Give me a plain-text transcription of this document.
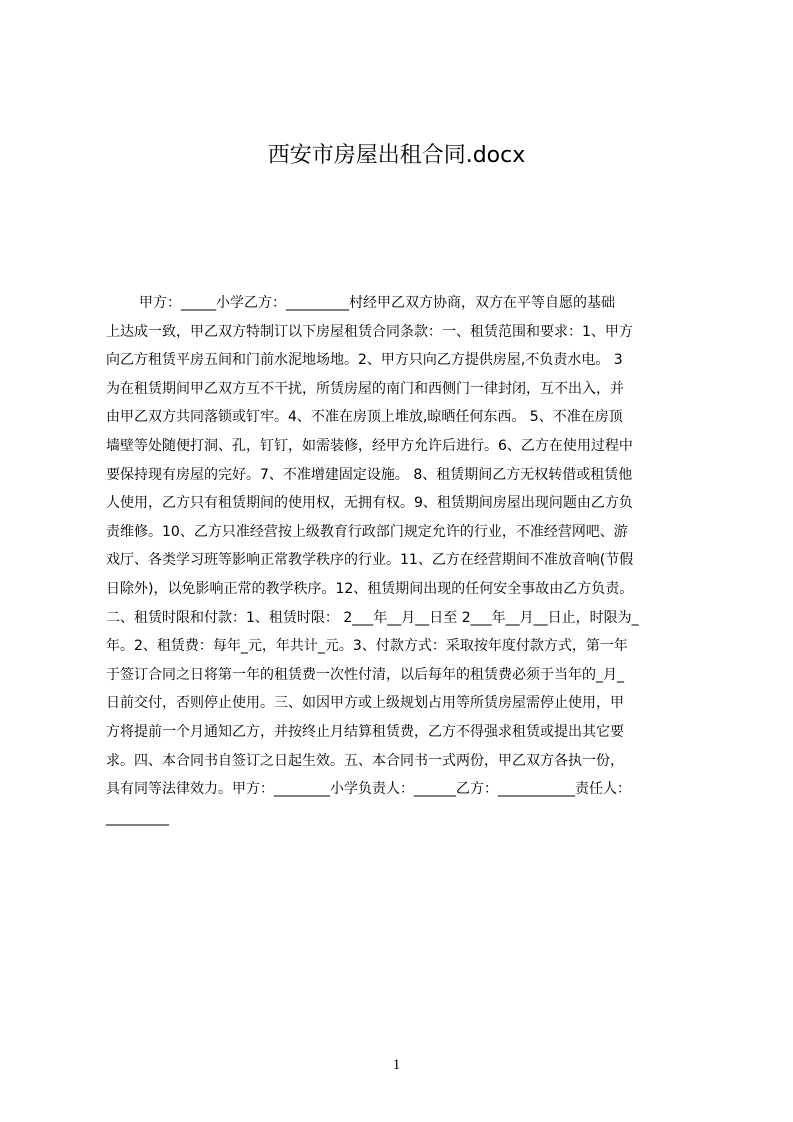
西安市房屋出租合同.docx
甲方：_____小学乙方：_________村经甲乙双方协商，双方在平等自愿的基础
上达成一致，甲乙双方特制订以下房屋租赁合同条款：一、租赁范围和要求：1、甲方
向乙方租赁平房五间和门前水泥地场地。2、甲方只向乙方提供房屋,不负责水电。 3
为在租赁期间甲乙双方互不干扰，所赁房屋的南门和西侧门一律封闭，互不出入，并
由甲乙双方共同落锁或钉牢。4、不准在房顶上堆放,晾晒任何东西。 5、不准在房顶
墙壁等处随便打洞、孔，钉钉，如需装修，经甲方允许后进行。6、乙方在使用过程中
要保持现有房屋的完好。7、不准增建固定设施。 8、租赁期间乙方无权转借或租赁他
人使用，乙方只有租赁期间的使用权，无拥有权。9、租赁期间房屋出现问题由乙方负
责维修。10、乙方只准经营按上级教育行政部门规定允许的行业，不准经营网吧、游
戏厅、各类学习班等影响正常教学秩序的行业。11、乙方在经营期间不准放音响(节假
日除外)，以免影响正常的教学秩序。12、租赁期间出现的任何安全事故由乙方负责。
二、租赁时限和付款：1、租赁时限： 2___年__月__日至 2___年__月__日止，时限为_
年。2、租赁费：每年_元，年共计_元。3、付款方式：采取按年度付款方式，第一年
于签订合同之日将第一年的租赁费一次性付清，以后每年的租赁费必须于当年的_月_
日前交付，否则停止使用。三、如因甲方或上级规划占用等所赁房屋需停止使用，甲
方将提前一个月通知乙方，并按终止月结算租赁费，乙方不得强求租赁或提出其它要
求。四、本合同书自签订之日起生效。五、本合同书一式两份，甲乙双方各执一份，
具有同等法律效力。甲方：________小学负责人：______乙方：___________责任人：
_________
1
